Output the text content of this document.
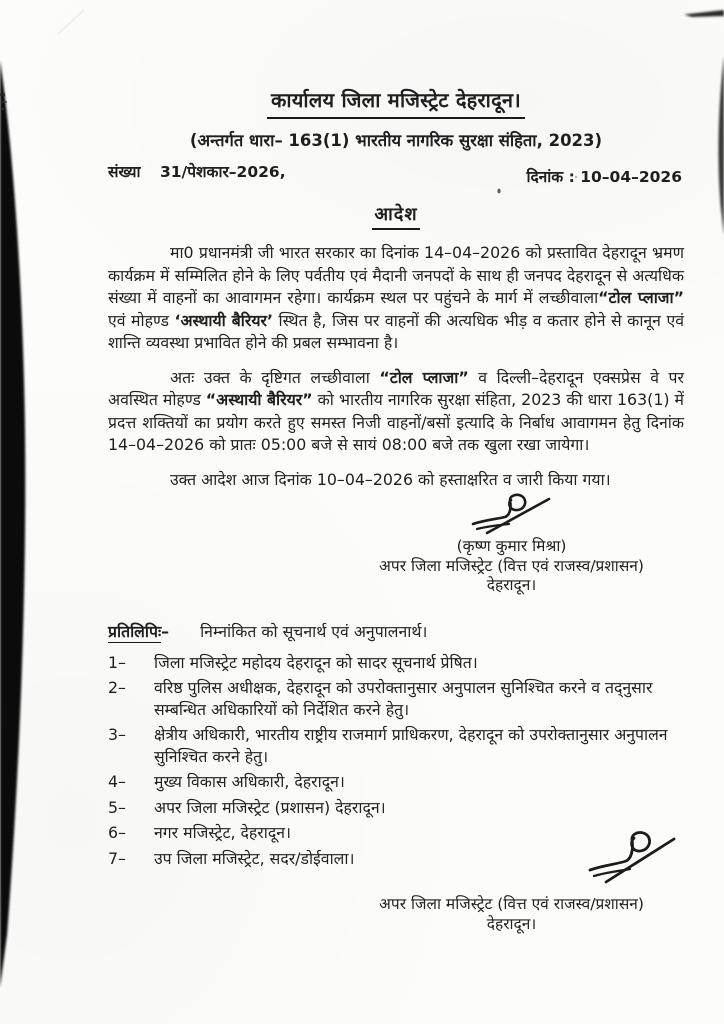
कार्यालय जिला मजिस्ट्रेट देहरादून।
(अन्तर्गत धारा– 163(1) भारतीय नागरिक सुरक्षा संहिता, 2023)
संख्या 31/पेशकार–2026,	दिनांक : 10–04–2026
आदेश

मा0 प्रधानमंत्री जी भारत सरकार का दिनांक 14–04–2026 को प्रस्तावित देहरादून भ्रमण कार्यक्रम में सम्मिलित होने के लिए पर्वतीय एवं मैदानी जनपदों के साथ ही जनपद देहरादून से अत्यधिक संख्या में वाहनों का आवागमन रहेगा। कार्यक्रम स्थल पर पहुंचने के मार्ग में लच्छीवाला“टोल प्लाजा” एवं मोहण्ड ‘अस्थायी बैरियर’ स्थित है, जिस पर वाहनों की अत्यधिक भीड़ व कतार होने से कानून एवं शान्ति व्यवस्था प्रभावित होने की प्रबल सम्भावना है।

अतः उक्त के दृष्टिगत लच्छीवाला “टोल प्लाजा” व दिल्ली–देहरादून एक्सप्रेस वे पर अवस्थित मोहण्ड “अस्थायी बैरियर” को भारतीय नागरिक सुरक्षा संहिता, 2023 की धारा 163(1) में प्रदत्त शक्तियों का प्रयोग करते हुए समस्त निजी वाहनों/बसों इत्यादि के निर्बाध आवागमन हेतु दिनांक 14–04–2026 को प्रातः 05:00 बजे से सायं 08:00 बजे तक खुला रखा जायेगा।

उक्त आदेश आज दिनांक 10–04–2026 को हस्ताक्षरित व जारी किया गया।

(कृष्ण कुमार मिश्रा)
अपर जिला मजिस्ट्रेट (वित्त एवं राजस्व/प्रशासन)
देहरादून।
प्रतिलिपिः– निम्नांकित को सूचनार्थ एवं अनुपालनार्थ।
1–	जिला मजिस्ट्रेट महोदय देहरादून को सादर सूचनार्थ प्रेषित।
2–	वरिष्ठ पुलिस अधीक्षक, देहरादून को उपरोक्तानुसार अनुपालन सुनिश्चित करने व तद्नुसार सम्बन्धित अधिकारियों को निर्देशित करने हेतु।
3–	क्षेत्रीय अधिकारी, भारतीय राष्ट्रीय राजमार्ग प्राधिकरण, देहरादून को उपरोक्तानुसार अनुपालन सुनिश्चित करने हेतु।
4–	मुख्य विकास अधिकारी, देहरादून।
5–	अपर जिला मजिस्ट्रेट (प्रशासन) देहरादून।
6–	नगर मजिस्ट्रेट, देहरादून।
7–	उप जिला मजिस्ट्रेट, सदर/डोईवाला।
अपर जिला मजिस्ट्रेट (वित्त एवं राजस्व/प्रशासन)
देहरादून।
